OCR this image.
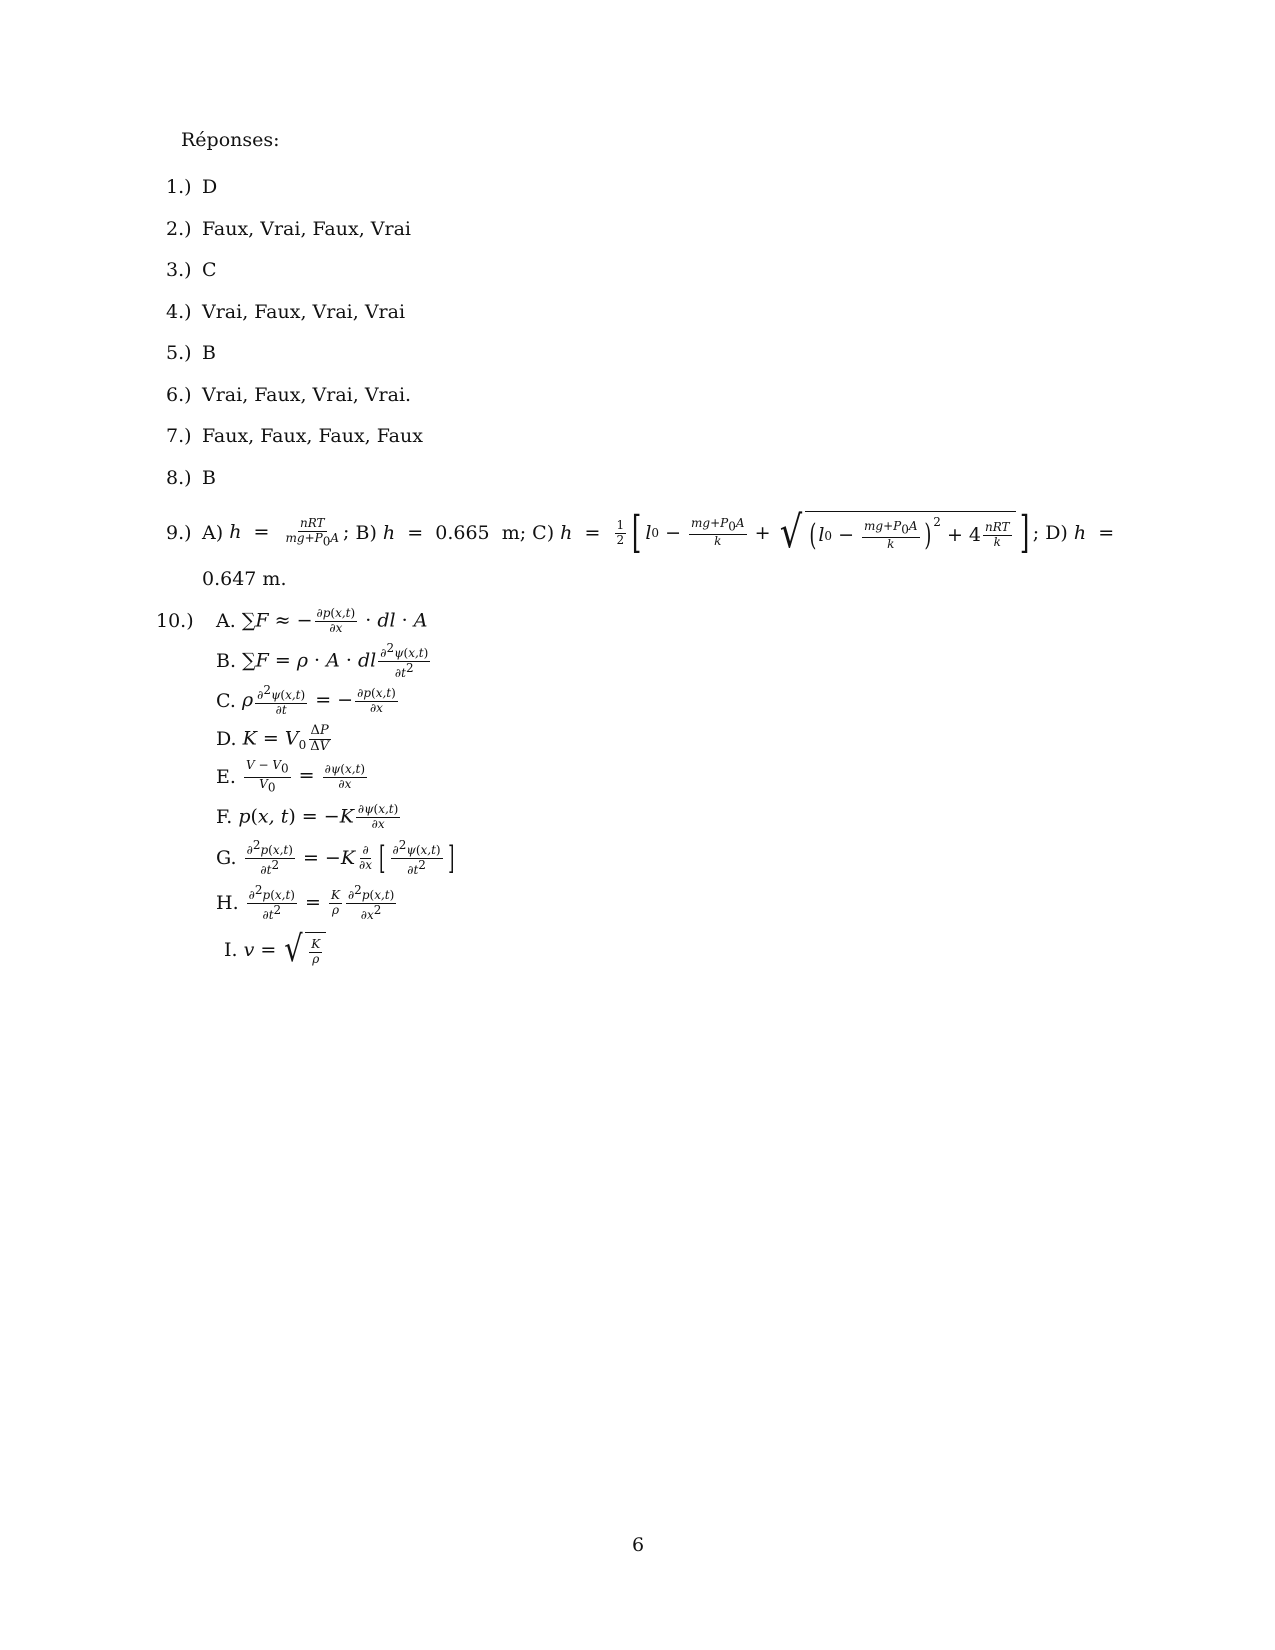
Réponses:
1.) D
2.) Faux, Vrai, Faux, Vrai
3.) C
4.) Vrai, Faux, Vrai, Vrai
5.) B
6.) Vrai, Faux, Vrai, Vrai.
7.) Faux, Faux, Faux, Faux
8.) B
9.) A)
$h = \frac{\text{nRT}}{mg+P_0A}$ ;
B)
h  =  0.665  m;
C)
$h = \frac{1}{2}$ [ l $0 - \frac{mg+P_0A}{k}$ + √ ( l $0 - \frac{mg+P_0A}{k} )^2$
+ $4 \frac{\text{nRT}}{k}$ ] ;
D)
h  =
0.647 m.
10.) A.
∑F ≈ − $\frac{\partial p(x,t)}{\partial x}$ · dl · A
B.
∑F = ρ · A · dl $\frac{\partial^2\psi(x,t)}{\partial t^2}$
C.
ρ $\frac{\partial^2\psi(x,t)}{\partial t}$ = − $\frac{\partial p(x,t)}{\partial x}$
D.
$K = V_0 \frac{\Delta P}{\Delta V}$
E.
$\frac{V - V_0}{V_0} = \frac{\partial\psi(x,t)}{\partial x}$
F.
p(x, $t) = -K \frac{\partial\psi(x,t)}{\partial x}$
G.
$\frac{\partial^2p(x,t)}{\partial t^2}$ = − K $\frac{\partial}{\partial x}$ [ $\frac{\partial^2\psi(x,t)}{\partial t^2}$ ]
H.
$\frac{\partial^2p(x,t)}{\partial t^2} = \frac{K}{\rho} \frac{\partial^2p(x,t)}{\partial x^2}$
I.
v = √ $\frac{K}{\rho}$
6
